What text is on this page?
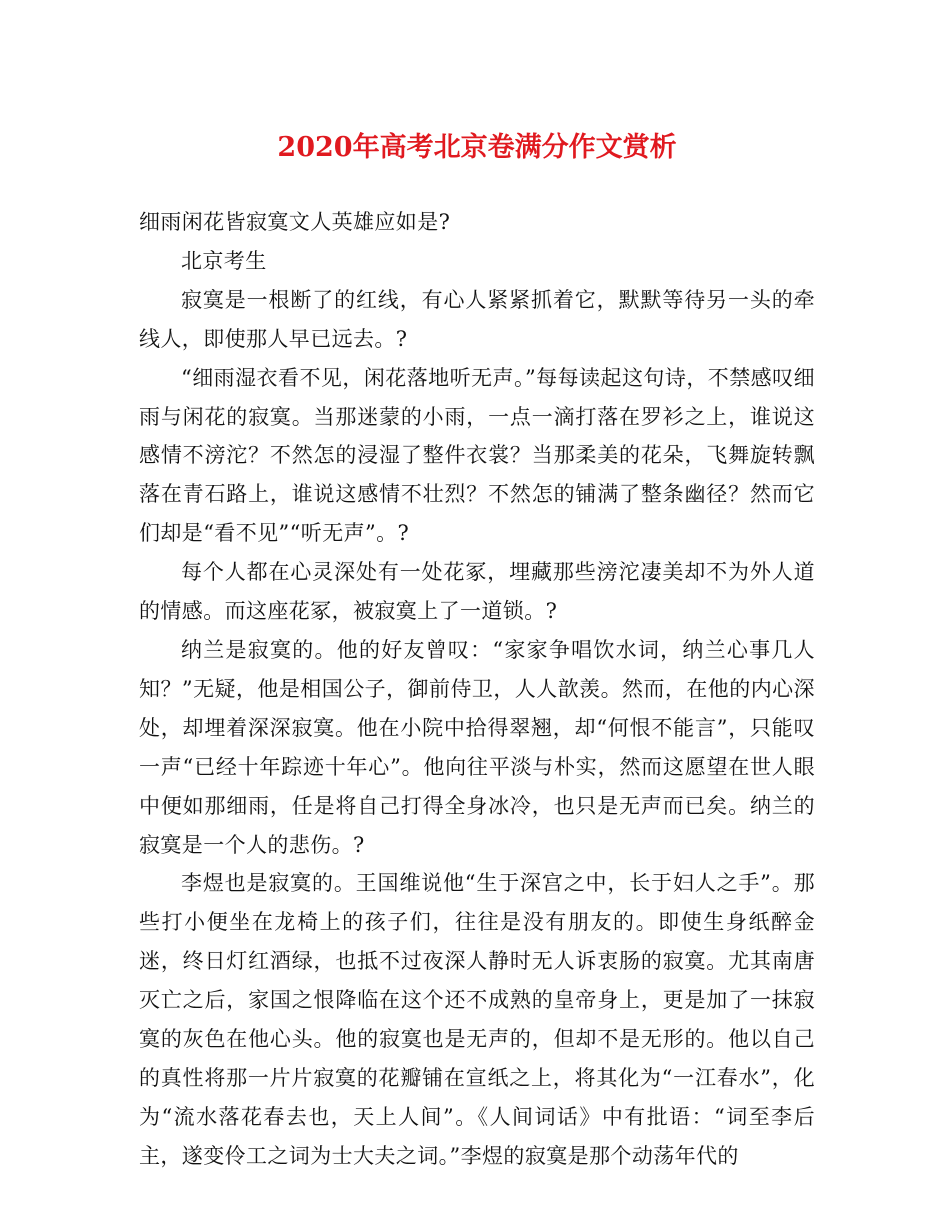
2020年高考北京卷满分作文赏析

细雨闲花皆寂寞文人英雄应如是?

北京考生

寂寞是一根断了的红线，有心人紧紧抓着它，默默等待另一头的牵线人，即使那人早已远去。?

“细雨湿衣看不见，闲花落地听无声。”每每读起这句诗，不禁感叹细雨与闲花的寂寞。当那迷蒙的小雨，一点一滴打落在罗衫之上，谁说这感情不滂沱？不然怎的浸湿了整件衣裳？当那柔美的花朵，飞舞旋转飘落在青石路上，谁说这感情不壮烈？不然怎的铺满了整条幽径？然而它们却是“看不见”“听无声”。?

每个人都在心灵深处有一处花冢，埋藏那些滂沱凄美却不为外人道的情感。而这座花冢，被寂寞上了一道锁。?

纳兰是寂寞的。他的好友曾叹：“家家争唱饮水词，纳兰心事几人知？”无疑，他是相国公子，御前侍卫，人人歆羡。然而，在他的内心深处，却埋着深深寂寞。他在小院中拾得翠翘，却“何恨不能言”，只能叹一声“已经十年踪迹十年心”。他向往平淡与朴实，然而这愿望在世人眼中便如那细雨，任是将自己打得全身冰冷，也只是无声而已矣。纳兰的寂寞是一个人的悲伤。?

李煜也是寂寞的。王国维说他“生于深宫之中，长于妇人之手”。那些打小便坐在龙椅上的孩子们，往往是没有朋友的。即使生身纸醉金迷，终日灯红酒绿，也抵不过夜深人静时无人诉衷肠的寂寞。尤其南唐灭亡之后，家国之恨降临在这个还不成熟的皇帝身上，更是加了一抹寂寞的灰色在他心头。他的寂寞也是无声的，但却不是无形的。他以自己的真性将那一片片寂寞的花瓣铺在宣纸之上，将其化为“一江春水”，化为“流水落花春去也，天上人间”。《人间词话》中有批语：“词至李后主，遂变伶工之词为士大夫之词。”李煜的寂寞是那个动荡年代的
